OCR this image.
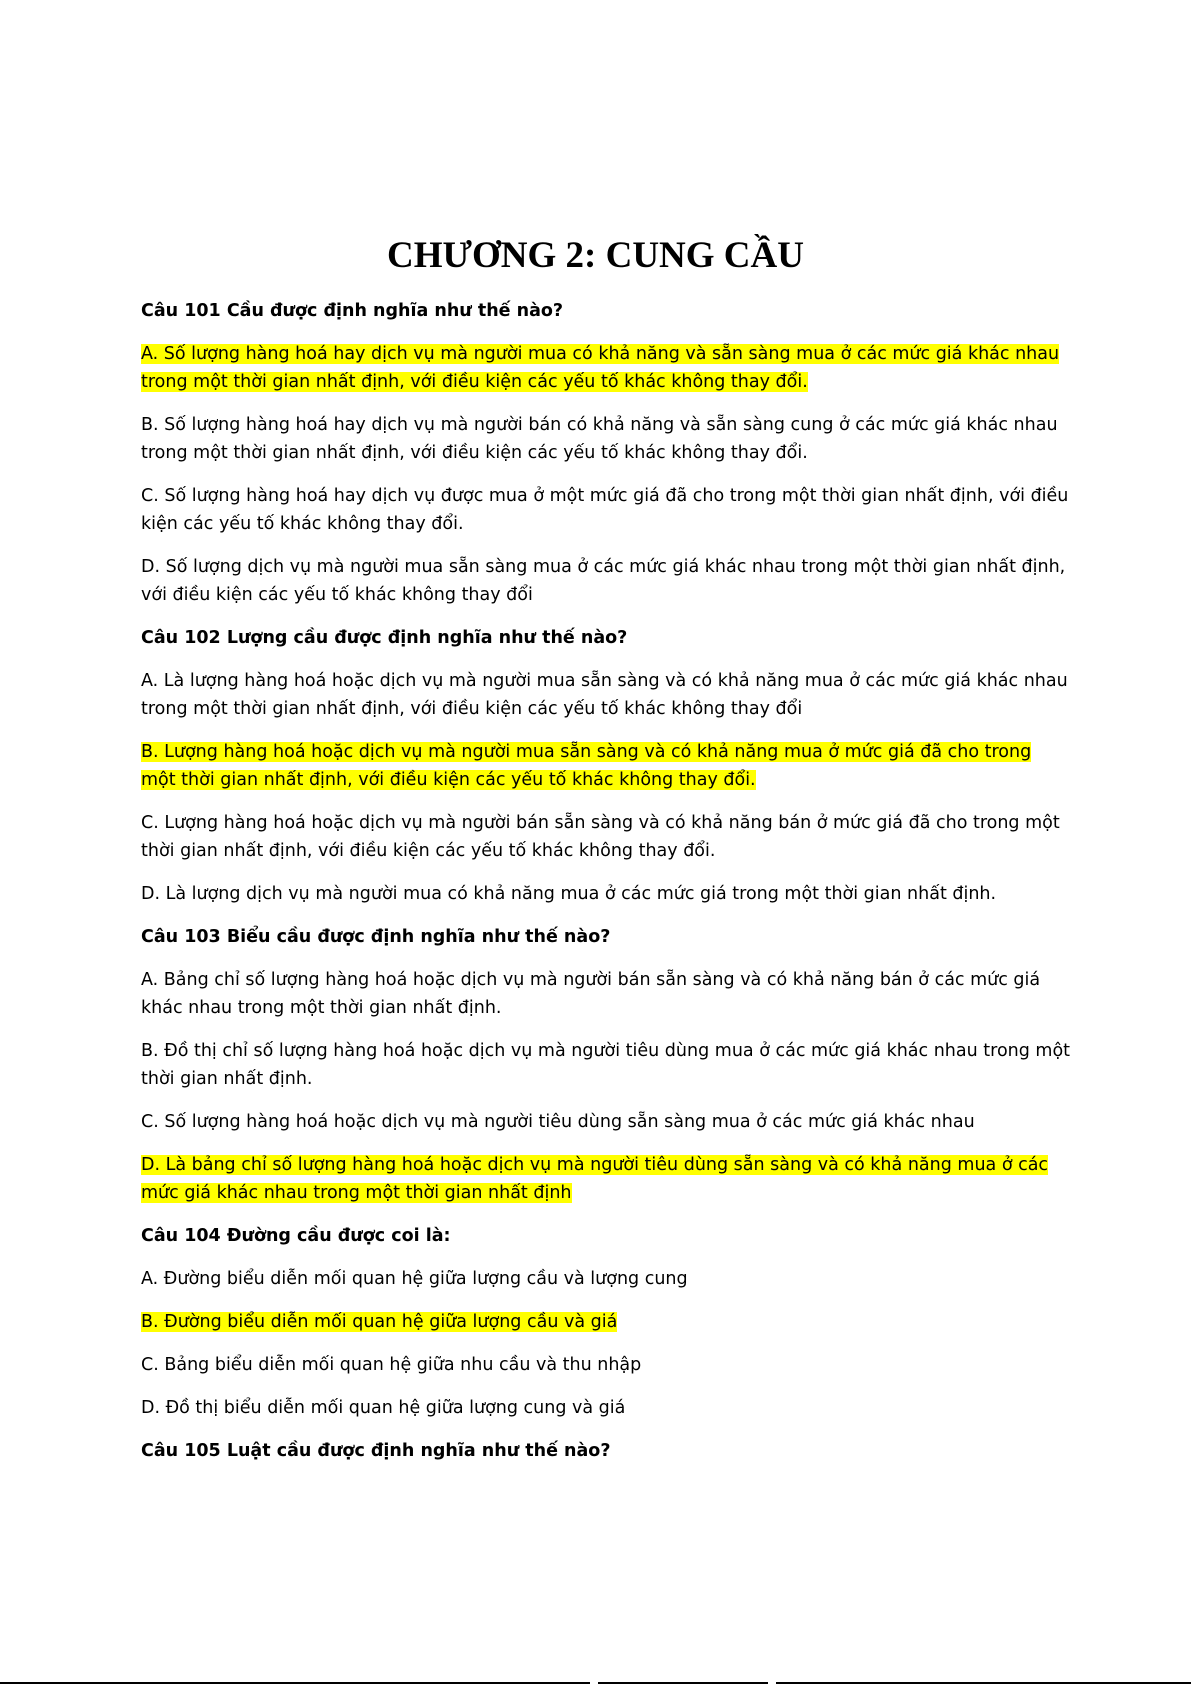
CHƯƠNG 2: CUNG CẦU

Câu 101 Cầu được định nghĩa như thế nào?

A. Số lượng hàng hoá hay dịch vụ mà người mua có khả năng và sẵn sàng mua ở các mức giá khác nhau trong một thời gian nhất định, với điều kiện các yếu tố khác không thay đổi.

B. Số lượng hàng hoá hay dịch vụ mà người bán có khả năng và sẵn sàng cung ở các mức giá khác nhau trong một thời gian nhất định, với điều kiện các yếu tố khác không thay đổi.

C. Số lượng hàng hoá hay dịch vụ được mua ở một mức giá đã cho trong một thời gian nhất định, với điều kiện các yếu tố khác không thay đổi.

D. Số lượng dịch vụ mà người mua sẵn sàng mua ở các mức giá khác nhau trong một thời gian nhất định, với điều kiện các yếu tố khác không thay đổi

Câu 102 Lượng cầu được định nghĩa như thế nào?

A. Là lượng hàng hoá hoặc dịch vụ mà người mua sẵn sàng và có khả năng mua ở các mức giá khác nhau trong một thời gian nhất định, với điều kiện các yếu tố khác không thay đổi

B. Lượng hàng hoá hoặc dịch vụ mà người mua sẵn sàng và có khả năng mua ở mức giá đã cho trong một thời gian nhất định, với điều kiện các yếu tố khác không thay đổi.

C. Lượng hàng hoá hoặc dịch vụ mà người bán sẵn sàng và có khả năng bán ở mức giá đã cho trong một thời gian nhất định, với điều kiện các yếu tố khác không thay đổi.

D. Là lượng dịch vụ mà người mua có khả năng mua ở các mức giá trong một thời gian nhất định.

Câu 103 Biểu cầu được định nghĩa như thế nào?

A. Bảng chỉ số lượng hàng hoá hoặc dịch vụ mà người bán sẵn sàng và có khả năng bán ở các mức giá khác nhau trong một thời gian nhất định.

B. Đồ thị chỉ số lượng hàng hoá hoặc dịch vụ mà người tiêu dùng mua ở các mức giá khác nhau trong một thời gian nhất định.

C. Số lượng hàng hoá hoặc dịch vụ mà người tiêu dùng sẵn sàng mua ở các mức giá khác nhau

D. Là bảng chỉ số lượng hàng hoá hoặc dịch vụ mà người tiêu dùng sẵn sàng và có khả năng mua ở các mức giá khác nhau trong một thời gian nhất định

Câu 104 Đường cầu được coi là:

A. Đường biểu diễn mối quan hệ giữa lượng cầu và lượng cung

B. Đường biểu diễn mối quan hệ giữa lượng cầu và giá

C. Bảng biểu diễn mối quan hệ giữa nhu cầu và thu nhập

D. Đồ thị biểu diễn mối quan hệ giữa lượng cung và giá

Câu 105 Luật cầu được định nghĩa như thế nào?
